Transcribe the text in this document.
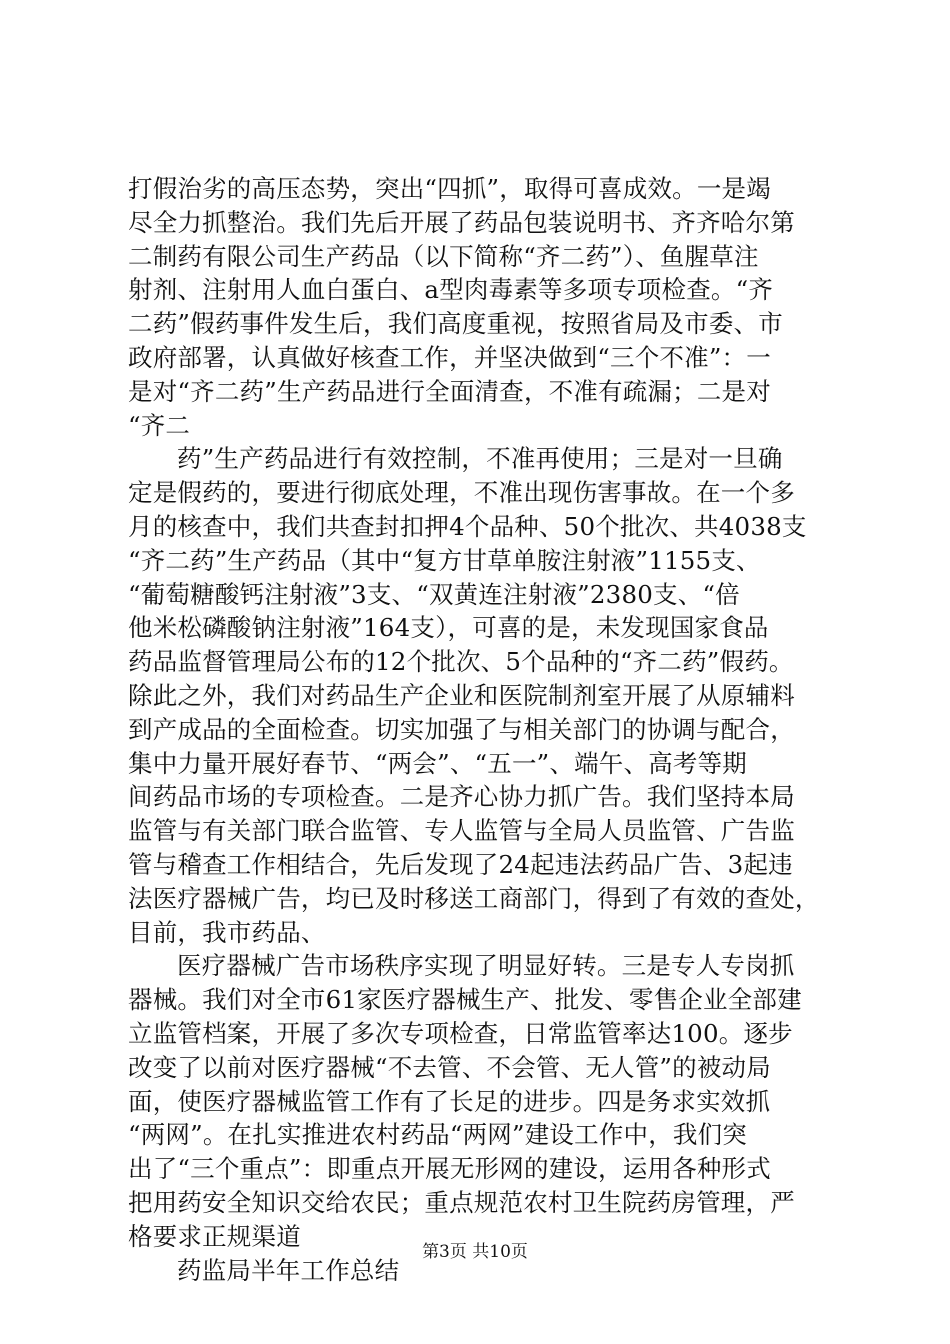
打假治劣的高压态势，突出“四抓”，取得可喜成效。一是竭
尽全力抓整治。我们先后开展了药品包装说明书、齐齐哈尔第
二制药有限公司生产药品（以下简称“齐二药”）、鱼腥草注
射剂、注射用人血白蛋白、a型肉毒素等多项专项检查。“齐
二药”假药事件发生后，我们高度重视，按照省局及市委、市
政府部署，认真做好核查工作，并坚决做到“三个不准”：一
是对“齐二药”生产药品进行全面清查，不准有疏漏；二是对
“齐二
药”生产药品进行有效控制，不准再使用；三是对一旦确
定是假药的，要进行彻底处理，不准出现伤害事故。在一个多
月的核查中，我们共查封扣押4个品种、50个批次、共4038支
“齐二药”生产药品（其中“复方甘草单胺注射液”1155支、
“葡萄糖酸钙注射液”3支、“双黄连注射液”2380支、“倍
他米松磷酸钠注射液”164支），可喜的是，未发现国家食品
药品监督管理局公布的12个批次、5个品种的“齐二药”假药。
除此之外，我们对药品生产企业和医院制剂室开展了从原辅料
到产成品的全面检查。切实加强了与相关部门的协调与配合，
集中力量开展好春节、“两会”、“五一”、端午、高考等期
间药品市场的专项检查。二是齐心协力抓广告。我们坚持本局
监管与有关部门联合监管、专人监管与全局人员监管、广告监
管与稽查工作相结合，先后发现了24起违法药品广告、3起违
法医疗器械广告，均已及时移送工商部门，得到了有效的查处，
目前，我市药品、
医疗器械广告市场秩序实现了明显好转。三是专人专岗抓
器械。我们对全市61家医疗器械生产、批发、零售企业全部建
立监管档案，开展了多次专项检查，日常监管率达100。逐步
改变了以前对医疗器械“不去管、不会管、无人管”的被动局
面，使医疗器械监管工作有了长足的进步。四是务求实效抓
“两网”。在扎实推进农村药品“两网”建设工作中，我们突
出了“三个重点”：即重点开展无形网的建设，运用各种形式
把用药安全知识交给农民；重点规范农村卫生院药房管理，严
格要求正规渠道
药监局半年工作总结
第3页 共10页
